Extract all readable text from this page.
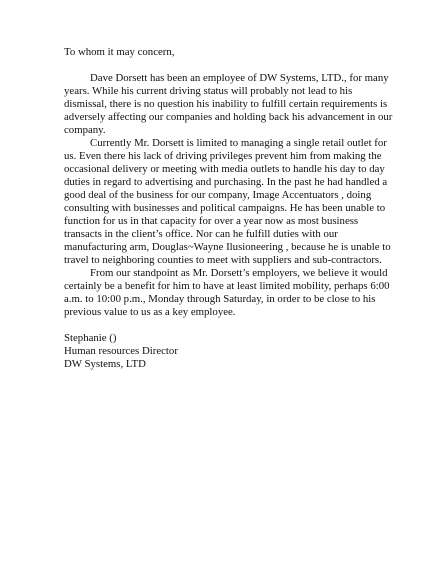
To whom it may concern,

Dave Dorsett has been an employee of DW Systems, LTD., for many years. While his current driving status will probably not lead to his dismissal, there is no question his inability to fulfill certain requirements is adversely affecting our companies and holding back his advancement in our company.

Currently Mr. Dorsett is limited to managing a single retail outlet for us. Even there his lack of driving privileges prevent him from making the occasional delivery or meeting with media outlets to handle his day to day duties in regard to advertising and purchasing. In the past he had handled a good deal of the business for our company, Image Accentuators , doing consulting with businesses and political campaigns. He has been unable to function for us in that capacity for over a year now as most business transacts in the client’s office. Nor can he fulfill duties with our manufacturing arm, Douglas~Wayne Ilusioneering , because he is unable to travel to neighboring counties to meet with suppliers and sub-contractors.

From our standpoint as Mr. Dorsett’s employers, we believe it would certainly be a benefit for him to have at least limited mobility, perhaps 6:00 a.m. to 10:00 p.m., Monday through Saturday, in order to be close to his previous value to us as a key employee.

Stephanie ()
Human resources Director
DW Systems, LTD
